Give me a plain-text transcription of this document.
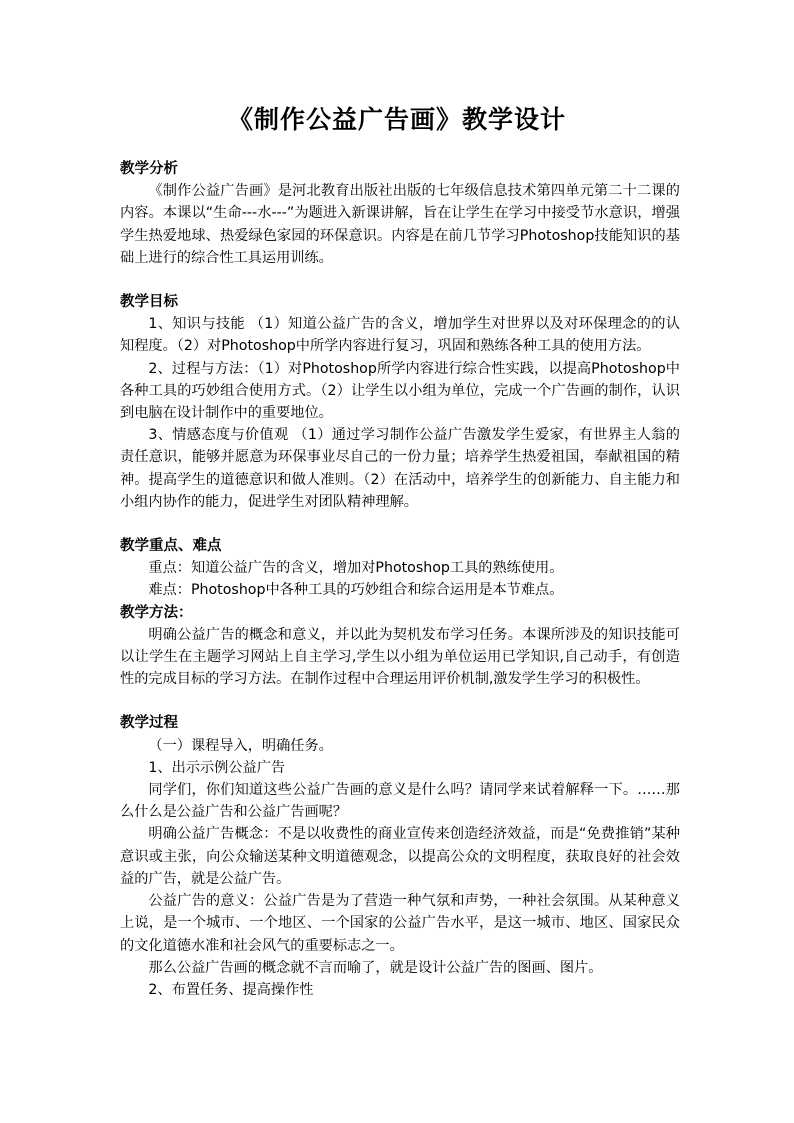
《制作公益广告画》教学设计
教学分析

《制作公益广告画》是河北教育出版社出版的七年级信息技术第四单元第二十二课的内容。本课以“生命---水---”为题进入新课讲解，旨在让学生在学习中接受节水意识，增强学生热爱地球、热爱绿色家园的环保意识。内容是在前几节学习Photoshop技能知识的基础上进行的综合性工具运用训练。

教学目标

1、知识与技能 （1）知道公益广告的含义，增加学生对世界以及对环保理念的的认知程度。（2）对Photoshop中所学内容进行复习，巩固和熟练各种工具的使用方法。

2、过程与方法：（1）对Photoshop所学内容进行综合性实践，以提高Photoshop中各种工具的巧妙组合使用方式。（2）让学生以小组为单位，完成一个广告画的制作，认识到电脑在设计制作中的重要地位。

3、情感态度与价值观 （1）通过学习制作公益广告激发学生爱家，有世界主人翁的责任意识，能够并愿意为环保事业尽自己的一份力量；培养学生热爱祖国，奉献祖国的精神。提高学生的道德意识和做人准则。（2）在活动中，培养学生的创新能力、自主能力和小组内协作的能力，促进学生对团队精神理解。

教学重点、难点

重点：知道公益广告的含义，增加对Photoshop工具的熟练使用。

难点：Photoshop中各种工具的巧妙组合和综合运用是本节难点。

教学方法：

明确公益广告的概念和意义，并以此为契机发布学习任务。本课所涉及的知识技能可以让学生在主题学习网站上自主学习,学生以小组为单位运用已学知识,自己动手，有创造性的完成目标的学习方法。在制作过程中合理运用评价机制,激发学生学习的积极性。

教学过程

（一）课程导入，明确任务。

1、出示示例公益广告

同学们，你们知道这些公益广告画的意义是什么吗？请同学来试着解释一下。……那么什么是公益广告和公益广告画呢？

明确公益广告概念：不是以收费性的商业宣传来创造经济效益，而是“免费推销”某种意识或主张，向公众输送某种文明道德观念，以提高公众的文明程度，获取良好的社会效益的广告，就是公益广告。

公益广告的意义：公益广告是为了营造一种气氛和声势，一种社会氛围。从某种意义上说，是一个城市、一个地区、一个国家的公益广告水平，是这一城市、地区、国家民众的文化道德水准和社会风气的重要标志之一。

那么公益广告画的概念就不言而喻了，就是设计公益广告的图画、图片。

2、布置任务、提高操作性
